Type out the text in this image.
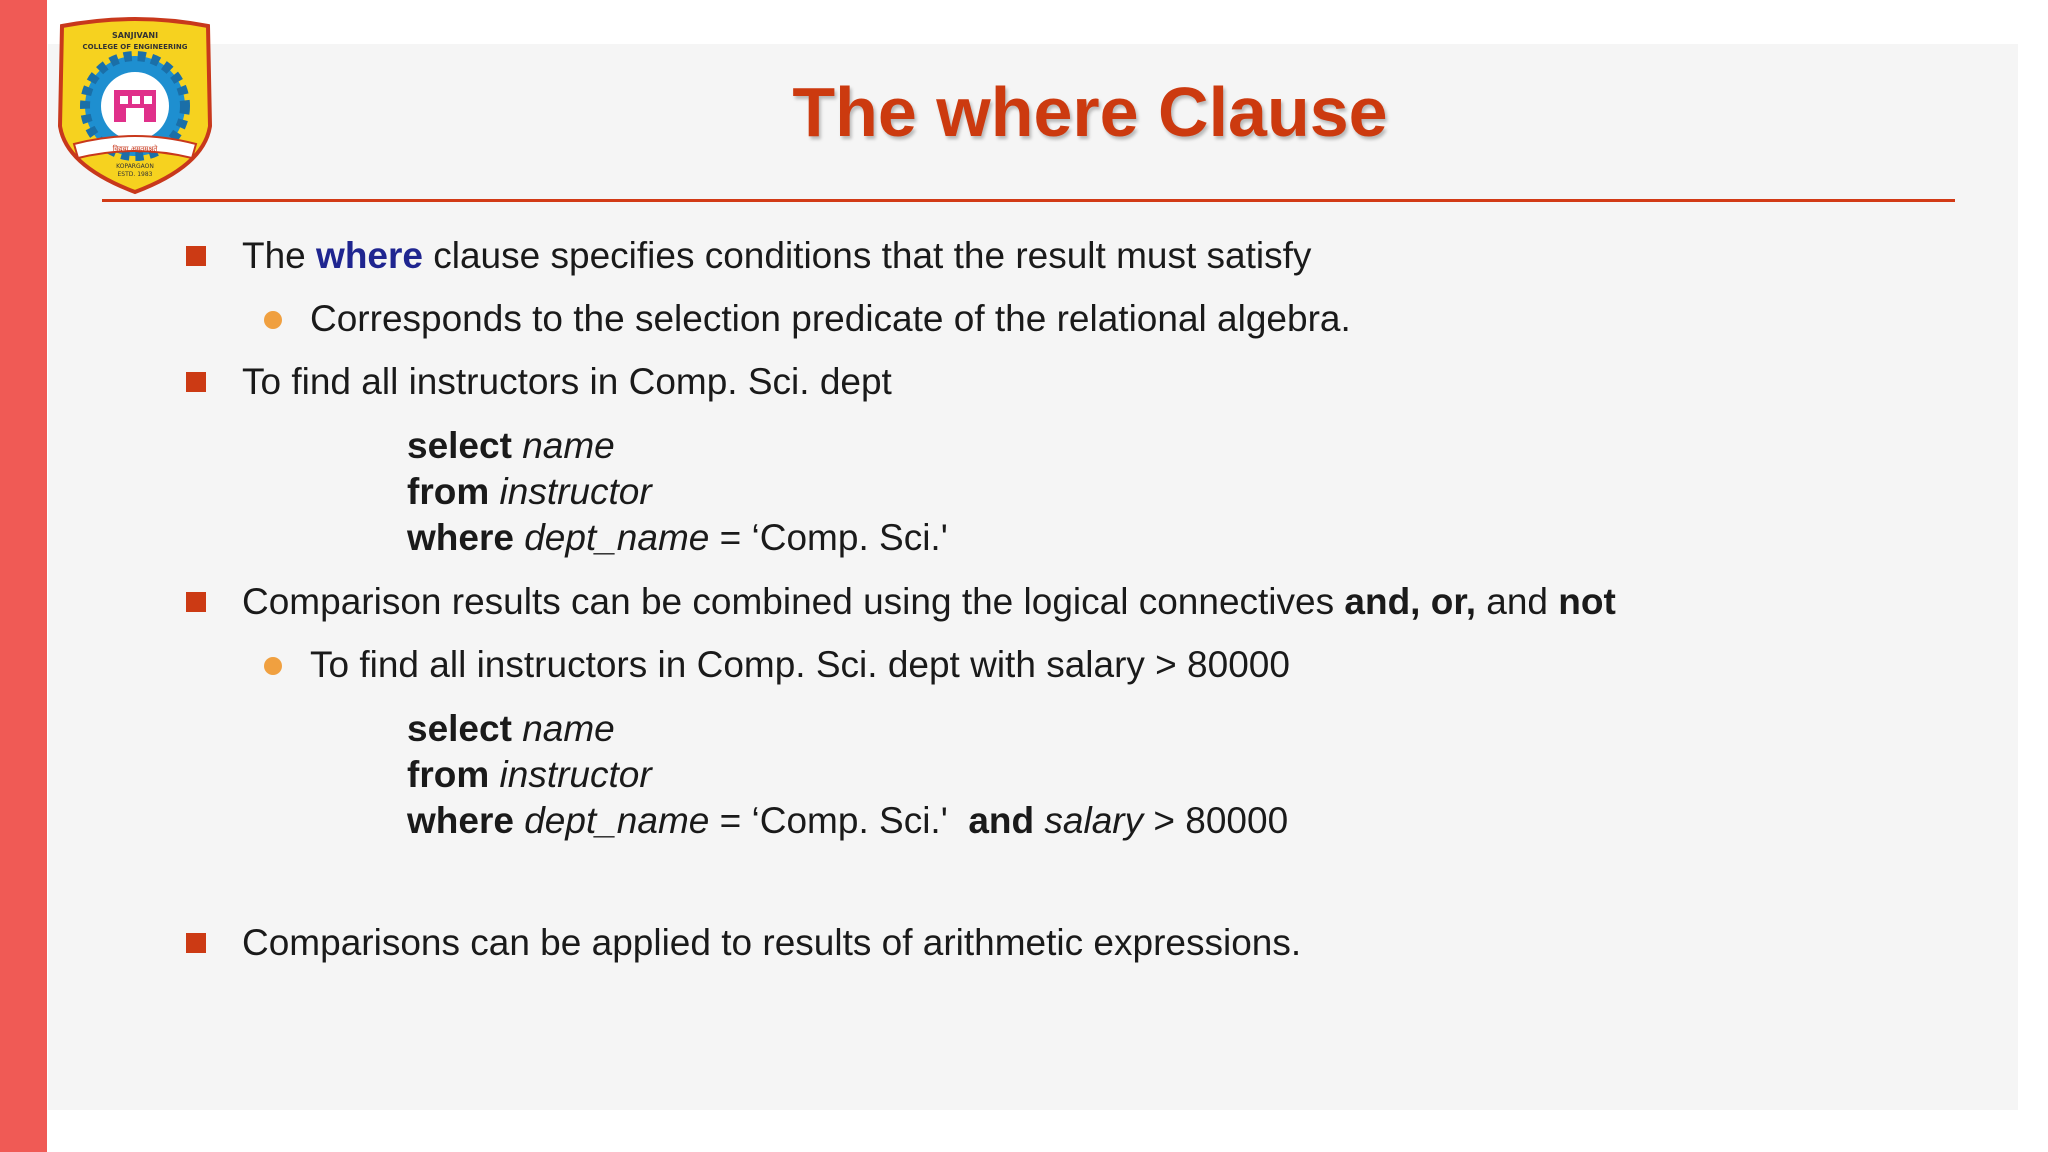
SANJIVANI
COLLEGE OF ENGINEERING
विद्यया अमृतमश्नुते
KOPARGAON
ESTD. 1983
The where Clause
The where clause specifies conditions that the result must satisfy
Corresponds to the selection predicate of the relational algebra.
To find all instructors in Comp. Sci. dept
select name
from instructor
where dept_name = ‘Comp. Sci.'
Comparison results can be combined using the logical connectives and, or, and not
To find all instructors in Comp. Sci. dept with salary > 80000
select name
from instructor
where dept_name = ‘Comp. Sci.'  and salary > 80000
Comparisons can be applied to results of arithmetic expressions.
